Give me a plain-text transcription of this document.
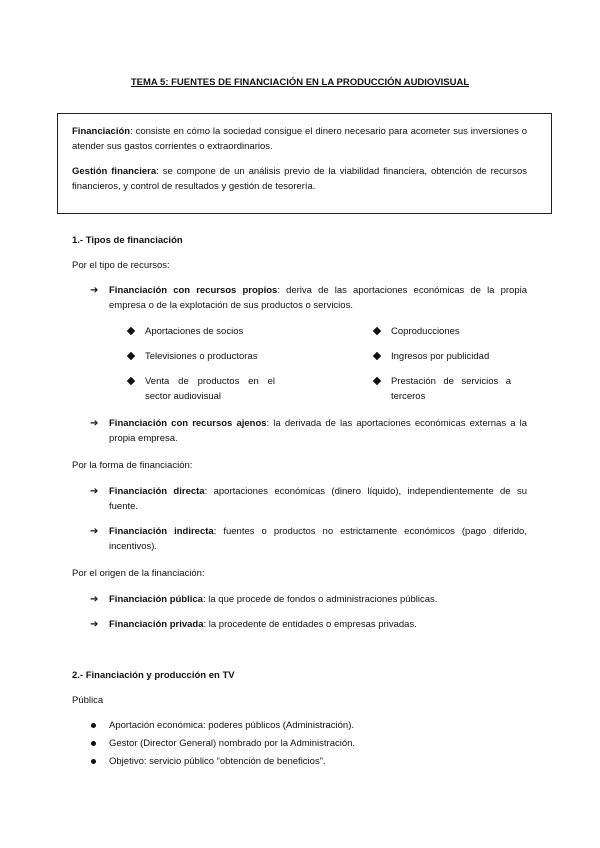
TEMA 5: FUENTES DE FINANCIACIÓN EN LA PRODUCCIÓN AUDIOVISUAL
Financiación: consiste en cómo la sociedad consigue el dinero necesario para acometer sus inversiones o atender sus gastos corrientes o extraordinarios.
Gestión financiera: se compone de un análisis previo de la viabilidad financiera, obtención de recursos financieros, y control de resultados y gestión de tesorería.
1.- Tipos de financiación
Por el tipo de recursos:
➔ Financiación con recursos propios: deriva de las aportaciones económicas de la propia empresa o de la explotación de sus productos o servicios.
Aportaciones de socios
Televisiones o productoras
Venta de productos en el sector audiovisual
Coproducciones
Ingresos por publicidad
Prestación de servicios a terceros
➔ Financiación con recursos ajenos: la derivada de las aportaciones económicas externas a la propia empresa.
Por la forma de financiación:
➔ Financiación directa: aportaciones económicas (dinero líquido), independientemente de su fuente.
➔ Financiación indirecta: fuentes o productos no estrictamente económicos (pago diferido, incentivos).
Por el origen de la financiación:
➔ Financiación pública: la que procede de fondos o administraciones públicas.
➔ Financiación privada: la procedente de entidades o empresas privadas.
2.- Financiación y producción en TV
Pública
Aportación económica: poderes públicos (Administración).
Gestor (Director General) nombrado por la Administración.
Objetivo: servicio público “obtención de beneficios”.
